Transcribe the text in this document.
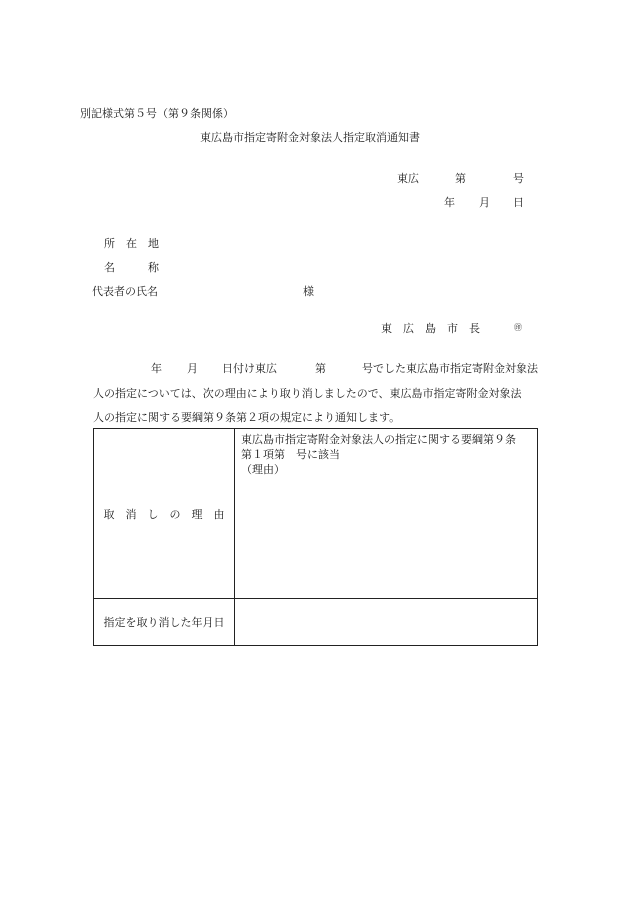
別記様式第５号（第９条関係）
東広島市指定寄附金対象法人指定取消通知書
東広	第	号
年 月 日
所　在　地
名　　　称
代表者の氏名	様
東　広　島　市　長	㊞
年 月 日付け東広	第	号でした東広島市指定寄附金対象法
人の指定については、次の理由により取り消しましたので、東広島市指定寄附金対象法
人の指定に関する要綱第９条第２項の規定により通知します。
取　消　し　の　理　由	東広島市指定寄附金対象法人の指定に関する要綱第９条
第１項第　号に該当
（理由）

指定を取り消した年月日	
